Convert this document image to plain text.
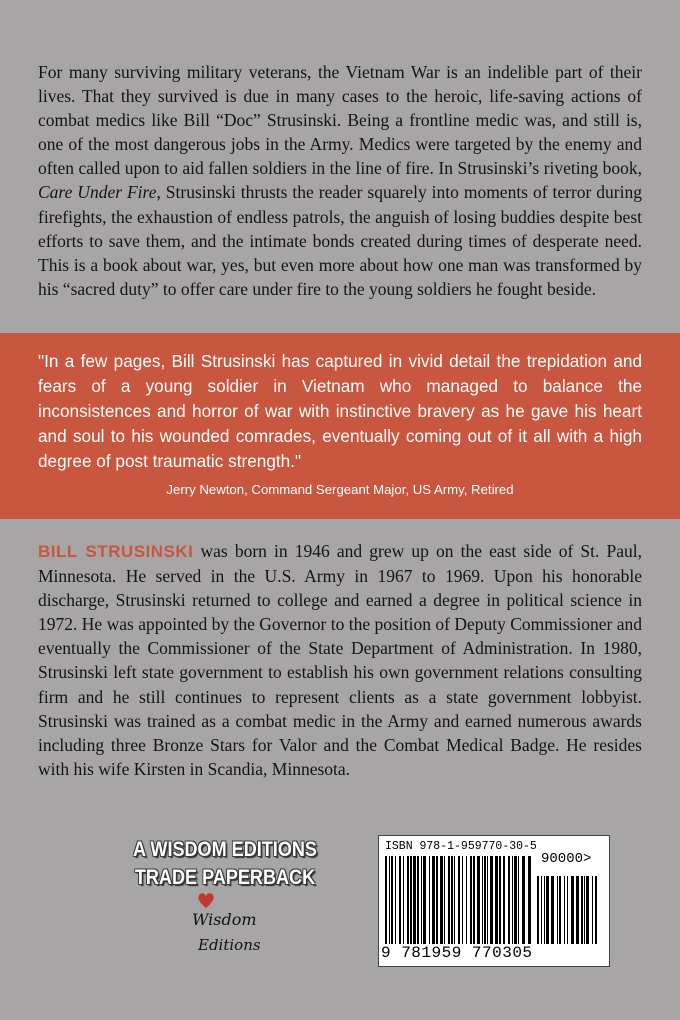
For many surviving military veterans, the Vietnam War is an indelible part of their lives. That they survived is due in many cases to the heroic, life-saving actions of combat medics like Bill “Doc” Strusinski. Being a frontline medic was, and still is, one of the most dangerous jobs in the Army. Medics were targeted by the enemy and often called upon to aid fallen soldiers in the line of fire. In Strusinski’s riveting book, Care Under Fire, Strusinski thrusts the reader squarely into moments of terror during firefights, the exhaustion of endless patrols, the anguish of losing buddies despite best efforts to save them, and the intimate bonds created during times of desperate need. This is a book about war, yes, but even more about how one man was transformed by his “sacred duty” to offer care under fire to the young soldiers he fought beside.

"In a few pages, Bill Strusinski has captured in vivid detail the trepidation and fears of a young soldier in Vietnam who managed to balance the inconsistences and horror of war with instinctive bravery as he gave his heart and soul to his wounded comrades, eventually coming out of it all with a high degree of post traumatic strength."

Jerry Newton, Command Sergeant Major, US Army, Retired

BILL STRUSINSKI was born in 1946 and grew up on the east side of St. Paul, Minnesota. He served in the U.S. Army in 1967 to 1969. Upon his honorable discharge, Strusinski returned to college and earned a degree in political science in 1972. He was appointed by the Governor to the position of Deputy Commissioner and eventually the Commissioner of the State Department of Administration. In 1980, Strusinski left state government to establish his own government relations consulting firm and he still continues to represent clients as a state government lobbyist. Strusinski was trained as a combat medic in the Army and earned numerous awards including three Bronze Stars for Valor and the Combat Medical Badge. He resides with his wife Kirsten in Scandia, Minnesota.

A WISDOM EDITIONS
TRADE PAPERBACK
Wisdom
Editions
ISBN 978-1-959770-30-5
9 781959 770305
90000>
